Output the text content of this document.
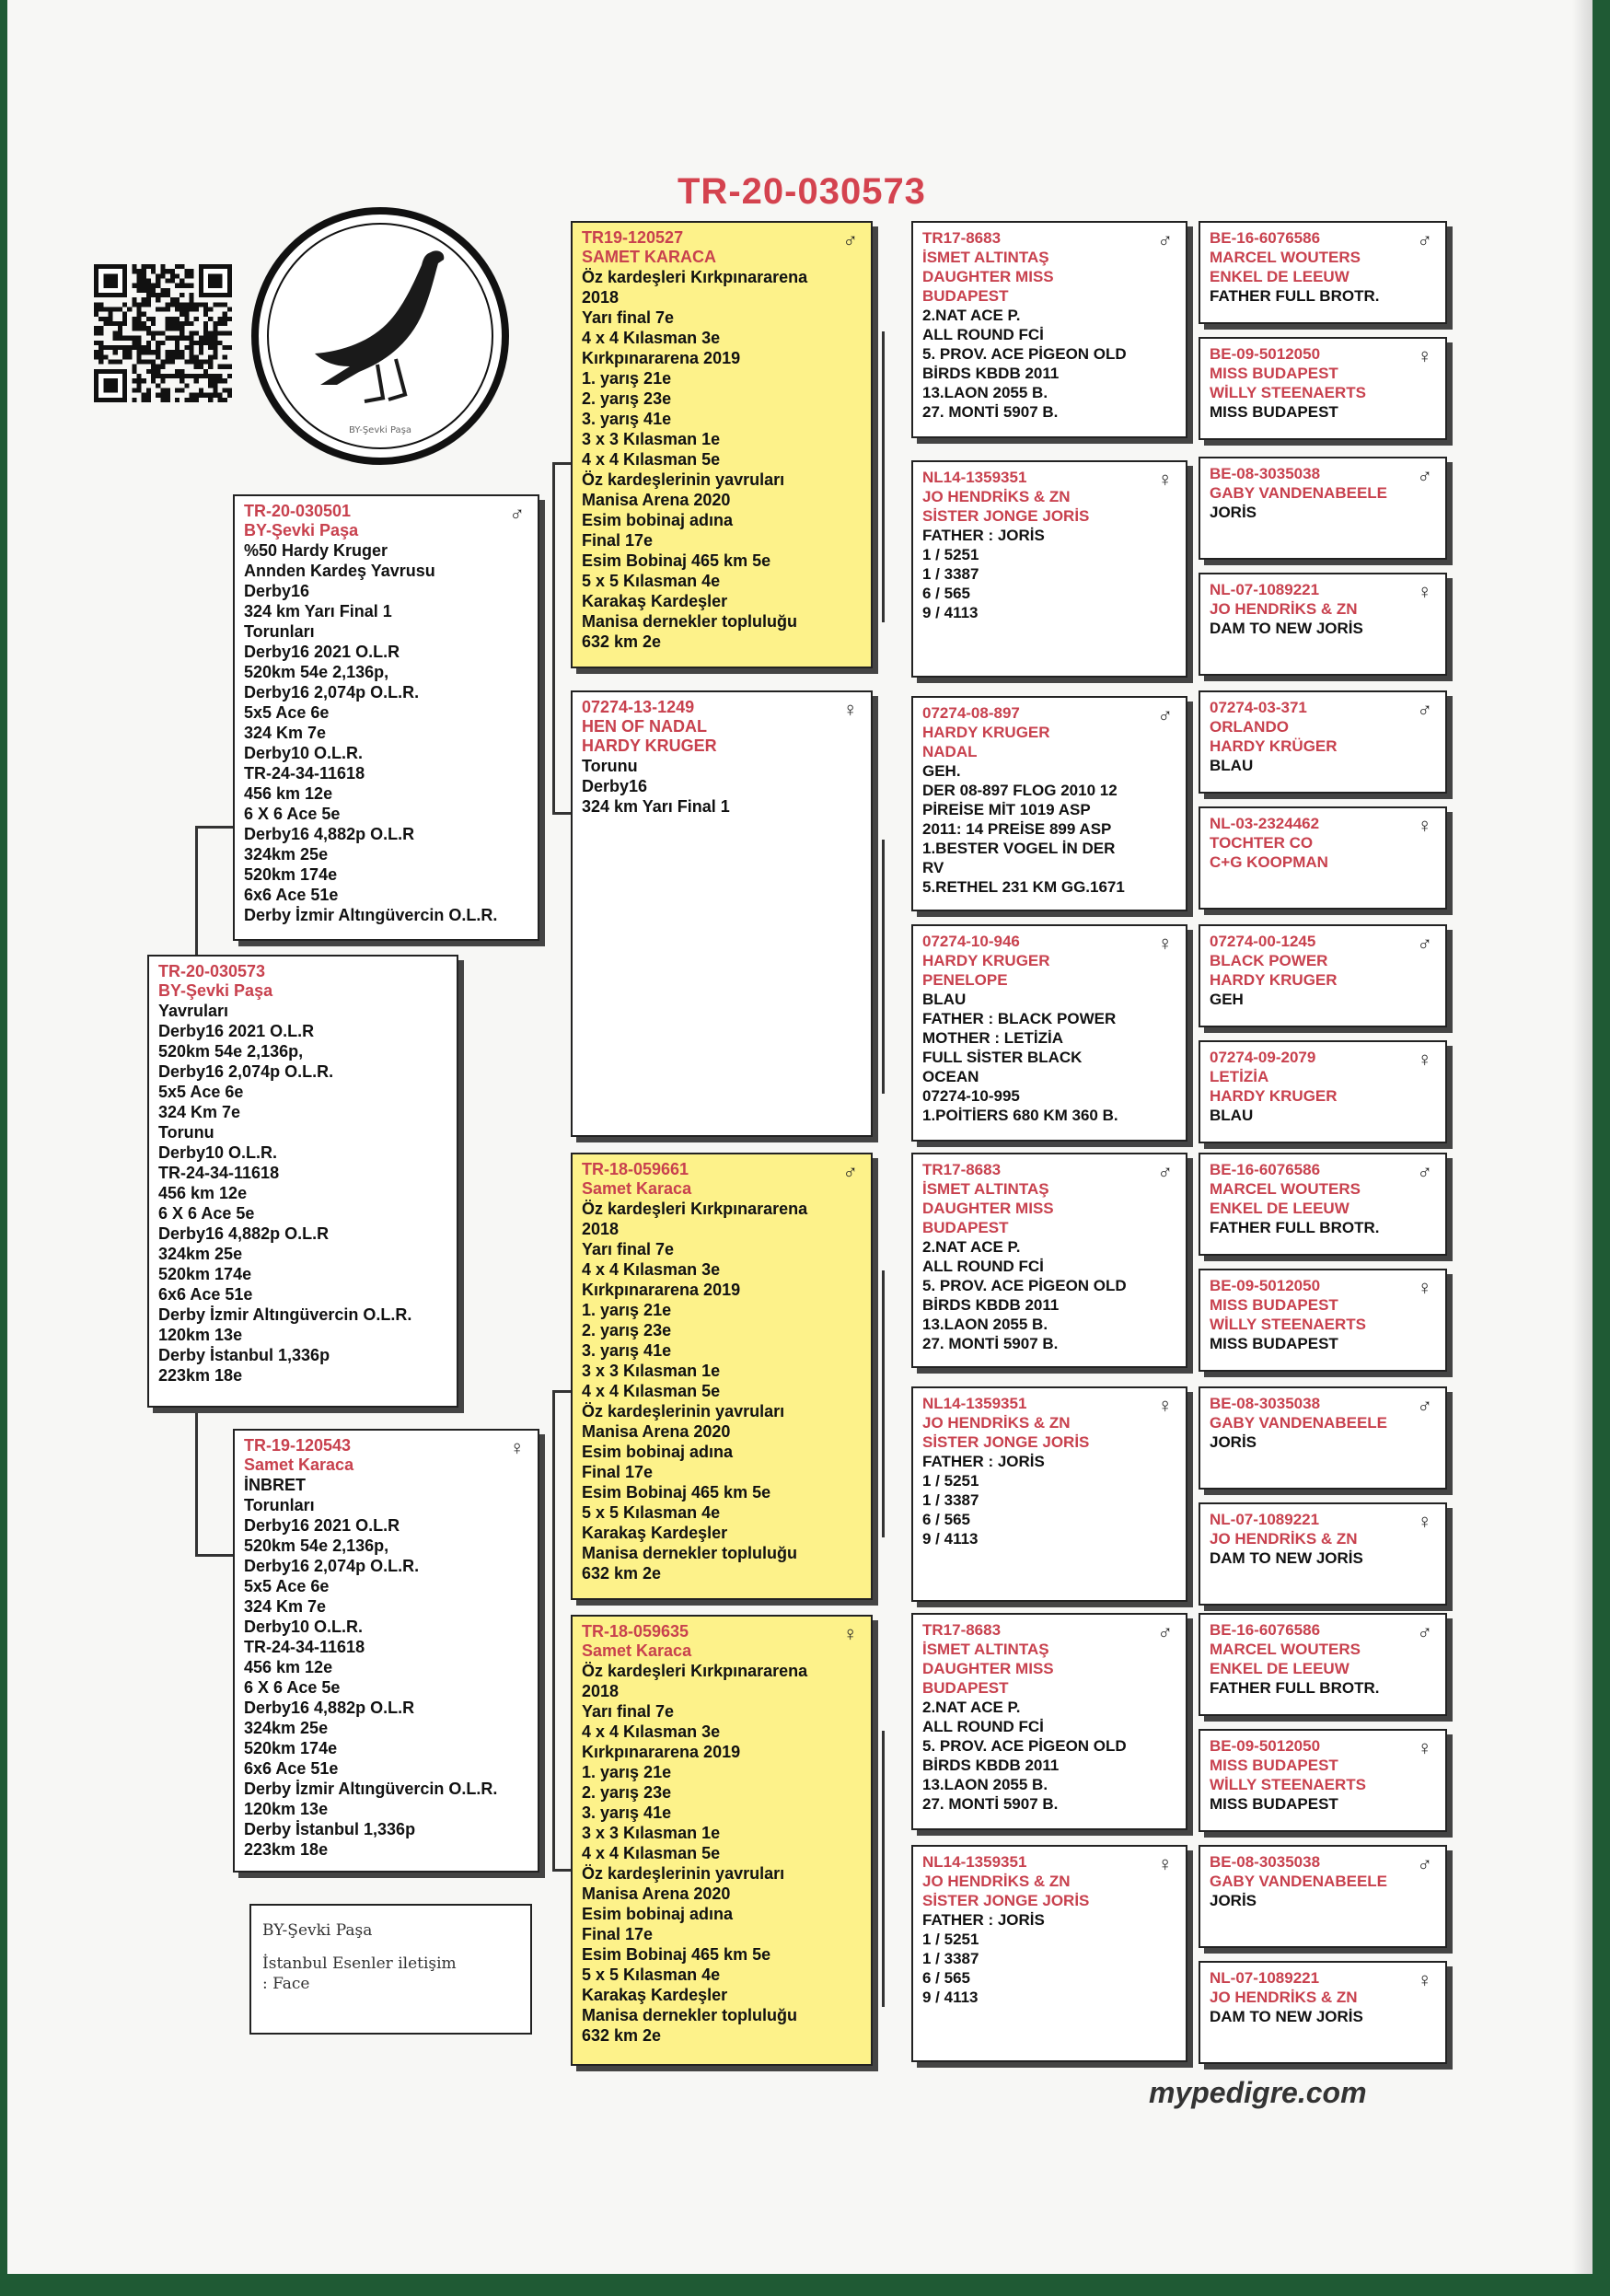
TR-20-030573
BY-Şevki Paşa
TR-20-030573
BY-Şevki Paşa
Yavruları
Derby16 2021 O.L.R
520km 54e 2,136p,
Derby16 2,074p O.L.R.
5x5 Ace 6e
324 Km 7e
Torunu
Derby10 O.L.R.
TR-24-34-11618
456 km 12e
6 X 6 Ace 5e
Derby16 4,882p O.L.R
324km 25e
520km 174e
6x6 Ace 51e
Derby İzmir Altıngüvercin O.L.R.
120km 13e
Derby İstanbul 1,336p
223km 18e
♂
TR-20-030501
BY-Şevki Paşa
%50 Hardy Kruger
Annden Kardeş Yavrusu
Derby16
324 km Yarı Final 1
Torunları
Derby16 2021 O.L.R
520km 54e 2,136p,
Derby16 2,074p O.L.R.
5x5 Ace 6e
324 Km 7e
Derby10 O.L.R.
TR-24-34-11618
456 km 12e
6 X 6 Ace 5e
Derby16 4,882p O.L.R
324km 25e
520km 174e
6x6 Ace 51e
Derby İzmir Altıngüvercin O.L.R.
♀
TR-19-120543
Samet Karaca
İNBRET
Torunları
Derby16 2021 O.L.R
520km 54e 2,136p,
Derby16 2,074p O.L.R.
5x5 Ace 6e
324 Km 7e
Derby10 O.L.R.
TR-24-34-11618
456 km 12e
6 X 6 Ace 5e
Derby16 4,882p O.L.R
324km 25e
520km 174e
6x6 Ace 51e
Derby İzmir Altıngüvercin O.L.R.
120km 13e
Derby İstanbul 1,336p
223km 18e
♂
TR19-120527
SAMET KARACA
Öz kardeşleri Kırkpınararena
2018
Yarı final 7e
4 x 4 Kılasman 3e
Kırkpınararena 2019
1. yarış 21e
2. yarış 23e
3. yarış 41e
3 x 3 Kılasman 1e
4 x 4 Kılasman 5e
Öz kardeşlerinin yavruları
Manisa Arena 2020
Esim bobinaj adına
Final 17e
Esim Bobinaj 465 km 5e
5 x 5 Kılasman 4e
Karakaş Kardeşler
Manisa dernekler topluluğu
632 km 2e
♀
07274-13-1249
HEN OF NADAL
HARDY KRUGER
Torunu
Derby16
324 km Yarı Final 1
♂
TR-18-059661
Samet Karaca
Öz kardeşleri Kırkpınararena
2018
Yarı final 7e
4 x 4 Kılasman 3e
Kırkpınararena 2019
1. yarış 21e
2. yarış 23e
3. yarış 41e
3 x 3 Kılasman 1e
4 x 4 Kılasman 5e
Öz kardeşlerinin yavruları
Manisa Arena 2020
Esim bobinaj adına
Final 17e
Esim Bobinaj 465 km 5e
5 x 5 Kılasman 4e
Karakaş Kardeşler
Manisa dernekler topluluğu
632 km 2e
♀
TR-18-059635
Samet Karaca
Öz kardeşleri Kırkpınararena
2018
Yarı final 7e
4 x 4 Kılasman 3e
Kırkpınararena 2019
1. yarış 21e
2. yarış 23e
3. yarış 41e
3 x 3 Kılasman 1e
4 x 4 Kılasman 5e
Öz kardeşlerinin yavruları
Manisa Arena 2020
Esim bobinaj adına
Final 17e
Esim Bobinaj 465 km 5e
5 x 5 Kılasman 4e
Karakaş Kardeşler
Manisa dernekler topluluğu
632 km 2e
♂
TR17-8683
İSMET ALTINTAŞ
DAUGHTER MISS
BUDAPEST
2.NAT ACE P.
ALL ROUND FCİ
5. PROV. ACE PİGEON OLD
BİRDS KBDB 2011
13.LAON 2055 B.
27. MONTİ 5907 B.
♀
NL14-1359351
JO HENDRİKS & ZN
SİSTER JONGE JORİS
FATHER : JORİS
1 / 5251
1 / 3387
6 / 565
9 / 4113
♂
07274-08-897
HARDY KRUGER
NADAL
GEH.
DER 08-897 FLOG 2010 12
PİREİSE MİT 1019 ASP
2011: 14 PREİSE 899 ASP
1.BESTER VOGEL İN DER
RV
5.RETHEL 231 KM GG.1671
♀
07274-10-946
HARDY KRUGER
PENELOPE
BLAU
FATHER : BLACK POWER
MOTHER : LETİZİA
FULL SİSTER BLACK
OCEAN
07274-10-995
1.POİTİERS 680 KM 360 B.
♂
TR17-8683
İSMET ALTINTAŞ
DAUGHTER MISS
BUDAPEST
2.NAT ACE P.
ALL ROUND FCİ
5. PROV. ACE PİGEON OLD
BİRDS KBDB 2011
13.LAON 2055 B.
27. MONTİ 5907 B.
♀
NL14-1359351
JO HENDRİKS & ZN
SİSTER JONGE JORİS
FATHER : JORİS
1 / 5251
1 / 3387
6 / 565
9 / 4113
♂
TR17-8683
İSMET ALTINTAŞ
DAUGHTER MISS
BUDAPEST
2.NAT ACE P.
ALL ROUND FCİ
5. PROV. ACE PİGEON OLD
BİRDS KBDB 2011
13.LAON 2055 B.
27. MONTİ 5907 B.
♀
NL14-1359351
JO HENDRİKS & ZN
SİSTER JONGE JORİS
FATHER : JORİS
1 / 5251
1 / 3387
6 / 565
9 / 4113
♂
BE-16-6076586
MARCEL WOUTERS
ENKEL DE LEEUW
FATHER FULL BROTR.
♀
BE-09-5012050
MISS BUDAPEST
WİLLY STEENAERTS
MISS BUDAPEST
♂
BE-08-3035038
GABY VANDENABEELE
JORİS
♀
NL-07-1089221
JO HENDRİKS & ZN
DAM TO NEW JORİS
♂
07274-03-371
ORLANDO
HARDY KRÜGER
BLAU
♀
NL-03-2324462
TOCHTER CO
C+G KOOPMAN
♂
07274-00-1245
BLACK POWER
HARDY KRUGER
GEH
♀
07274-09-2079
LETİZİA
HARDY KRUGER
BLAU
♂
BE-16-6076586
MARCEL WOUTERS
ENKEL DE LEEUW
FATHER FULL BROTR.
♀
BE-09-5012050
MISS BUDAPEST
WİLLY STEENAERTS
MISS BUDAPEST
♂
BE-08-3035038
GABY VANDENABEELE
JORİS
♀
NL-07-1089221
JO HENDRİKS & ZN
DAM TO NEW JORİS
♂
BE-16-6076586
MARCEL WOUTERS
ENKEL DE LEEUW
FATHER FULL BROTR.
♀
BE-09-5012050
MISS BUDAPEST
WİLLY STEENAERTS
MISS BUDAPEST
♂
BE-08-3035038
GABY VANDENABEELE
JORİS
♀
NL-07-1089221
JO HENDRİKS & ZN
DAM TO NEW JORİS
BY-Şevki Paşa
İstanbul Esenler iletişim
: Face
mypedigre.com
